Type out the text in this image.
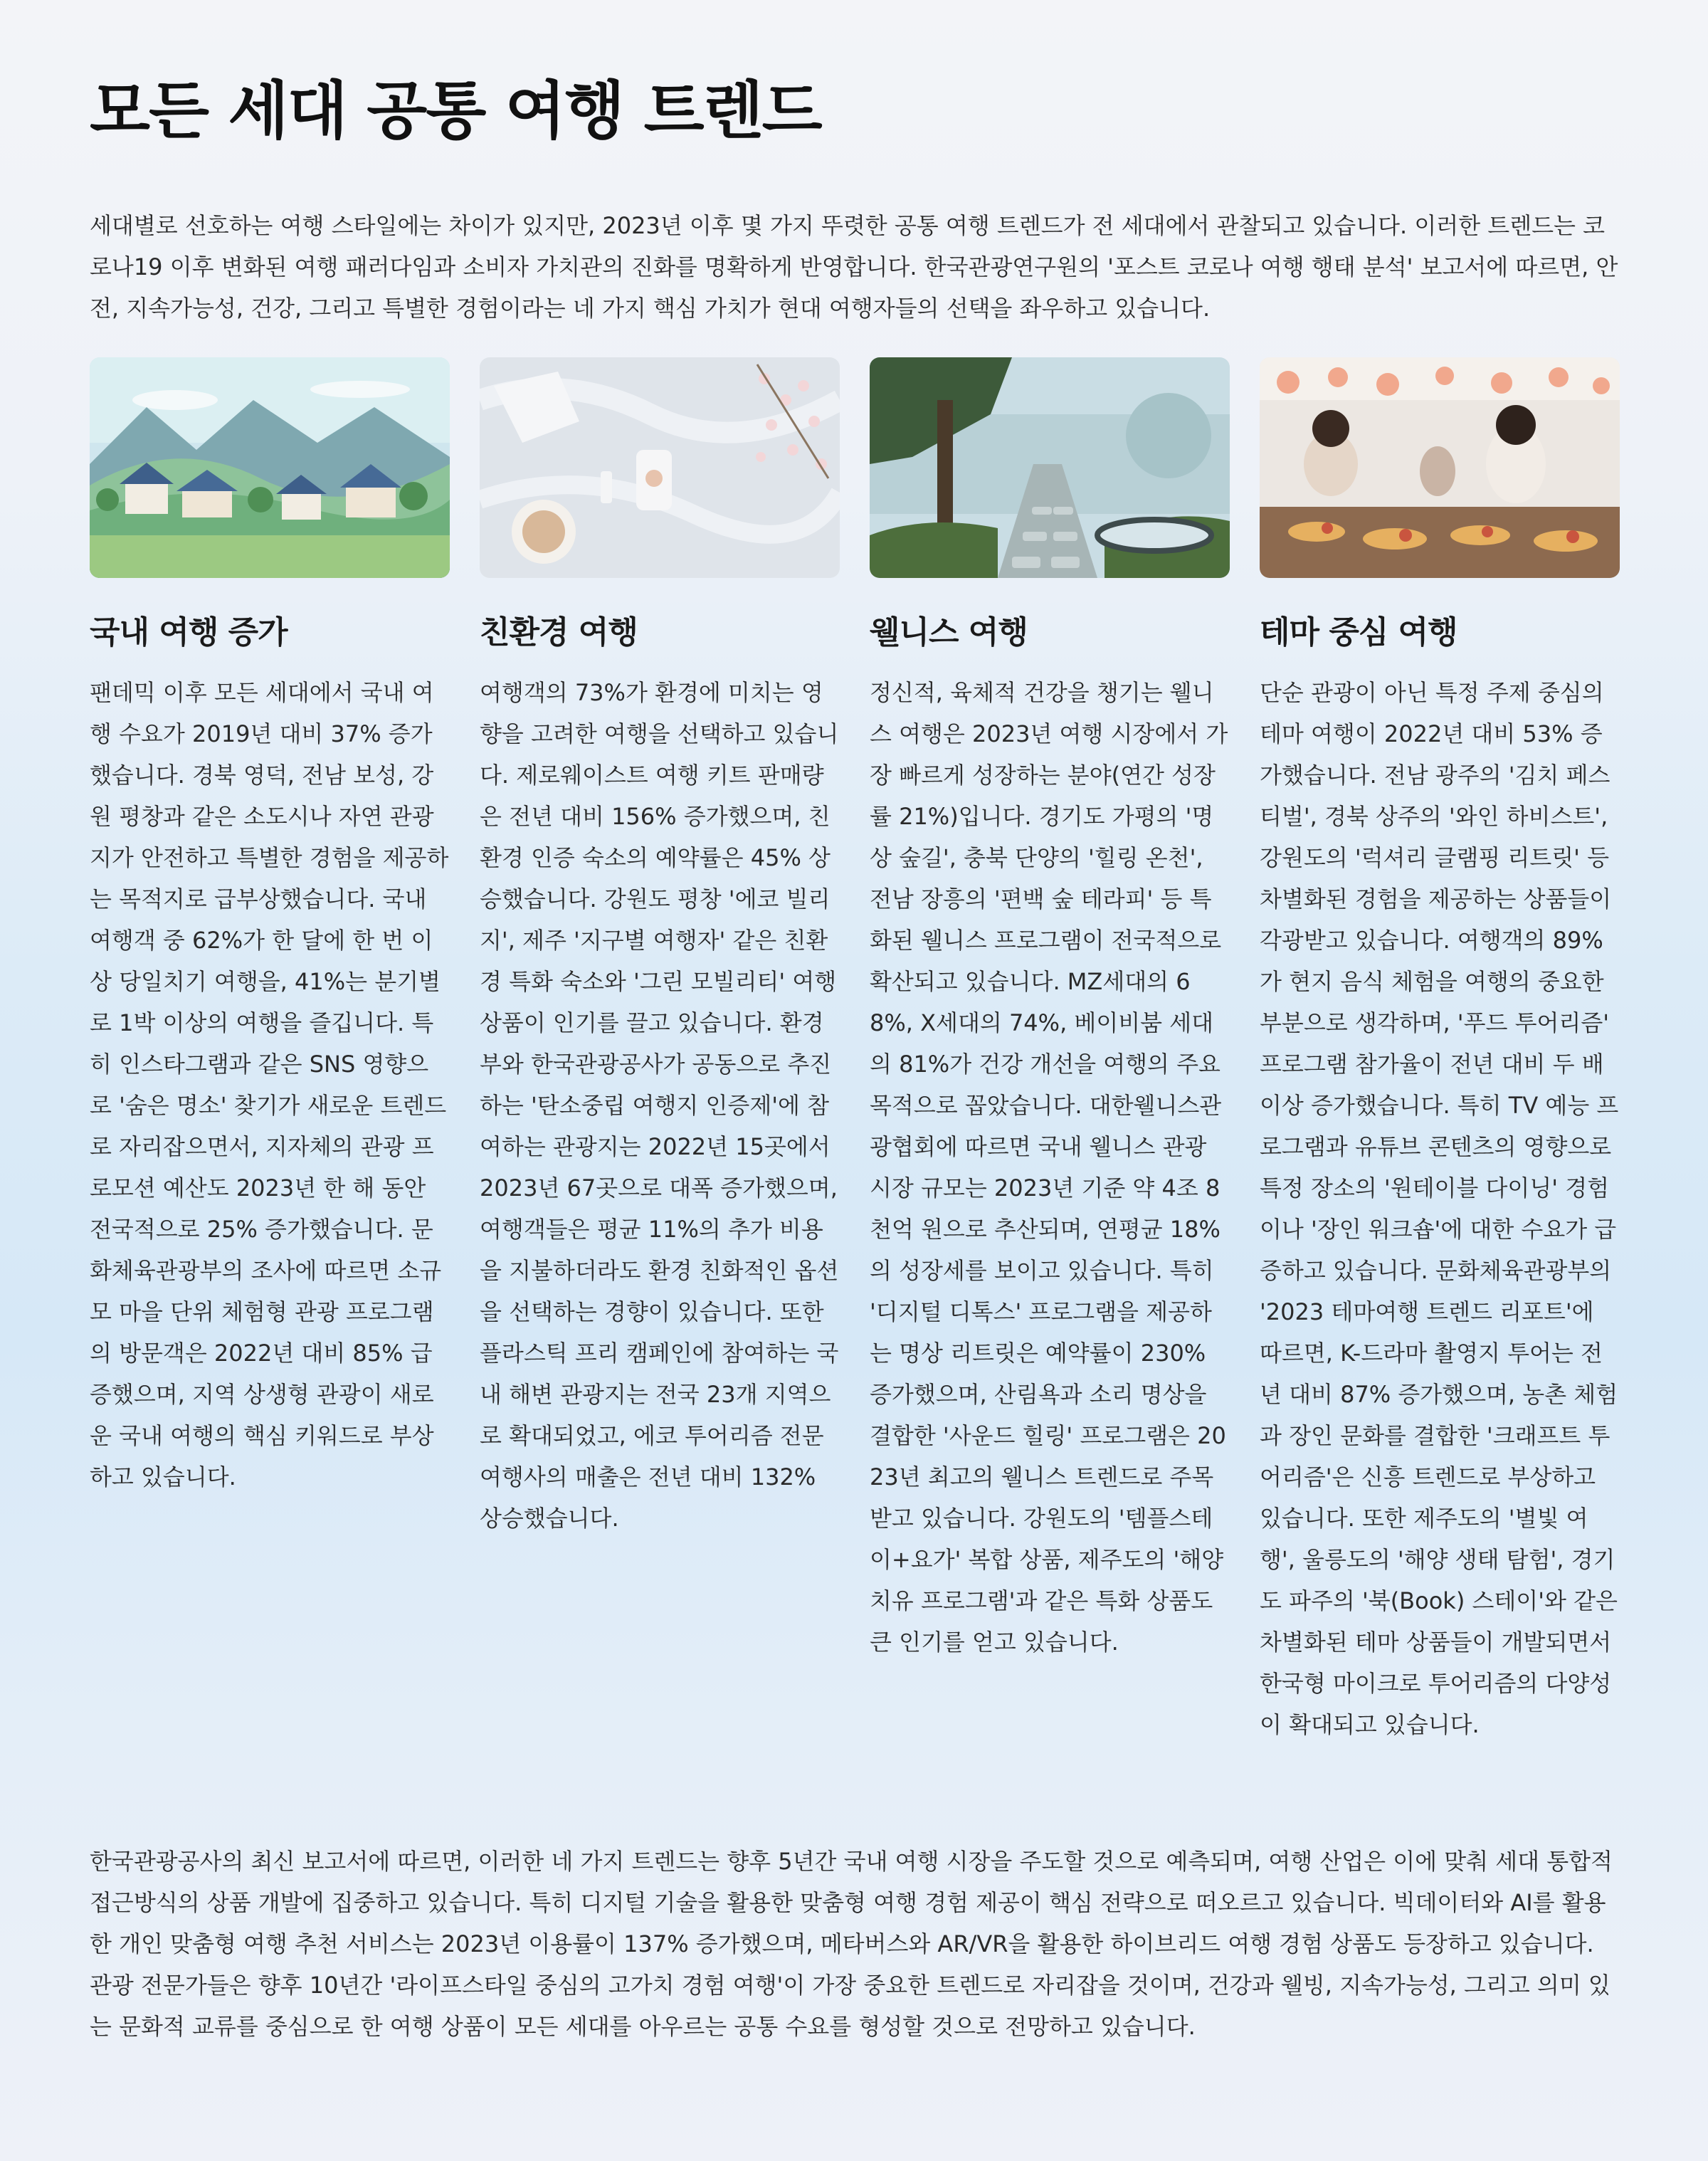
모든 세대 공통 여행 트렌드

세대별로 선호하는 여행 스타일에는 차이가 있지만, 2023년 이후 몇 가지 뚜렷한 공통 여행 트렌드가 전 세대에서 관찰되고 있습니다. 이러한 트렌드는 코로나19 이후 변화된 여행 패러다임과 소비자 가치관의 진화를 명확하게 반영합니다. 한국관광연구원의 '포스트 코로나 여행 행태 분석' 보고서에 따르면, 안전, 지속가능성, 건강, 그리고 특별한 경험이라는 네 가지 핵심 가치가 현대 여행자들의 선택을 좌우하고 있습니다.

국내 여행 증가

팬데믹 이후 모든 세대에서 국내 여행 수요가 2019년 대비 37% 증가했습니다. 경북 영덕, 전남 보성, 강원 평창과 같은 소도시나 자연 관광지가 안전하고 특별한 경험을 제공하는 목적지로 급부상했습니다. 국내 여행객 중 62%가 한 달에 한 번 이상 당일치기 여행을, 41%는 분기별로 1박 이상의 여행을 즐깁니다. 특히 인스타그램과 같은 SNS 영향으로 '숨은 명소' 찾기가 새로운 트렌드로 자리잡으면서, 지자체의 관광 프로모션 예산도 2023년 한 해 동안 전국적으로 25% 증가했습니다. 문화체육관광부의 조사에 따르면 소규모 마을 단위 체험형 관광 프로그램의 방문객은 2022년 대비 85% 급증했으며, 지역 상생형 관광이 새로운 국내 여행의 핵심 키워드로 부상하고 있습니다.

친환경 여행

여행객의 73%가 환경에 미치는 영향을 고려한 여행을 선택하고 있습니다. 제로웨이스트 여행 키트 판매량은 전년 대비 156% 증가했으며, 친환경 인증 숙소의 예약률은 45% 상승했습니다. 강원도 평창 '에코 빌리지', 제주 '지구별 여행자' 같은 친환경 특화 숙소와 '그린 모빌리티' 여행 상품이 인기를 끌고 있습니다. 환경부와 한국관광공사가 공동으로 추진하는 '탄소중립 여행지 인증제'에 참여하는 관광지는 2022년 15곳에서 2023년 67곳으로 대폭 증가했으며, 여행객들은 평균 11%의 추가 비용을 지불하더라도 환경 친화적인 옵션을 선택하는 경향이 있습니다. 또한 플라스틱 프리 캠페인에 참여하는 국내 해변 관광지는 전국 23개 지역으로 확대되었고, 에코 투어리즘 전문 여행사의 매출은 전년 대비 132% 상승했습니다.

웰니스 여행

정신적, 육체적 건강을 챙기는 웰니스 여행은 2023년 여행 시장에서 가장 빠르게 성장하는 분야(연간 성장률 21%)입니다. 경기도 가평의 '명상 숲길', 충북 단양의 '힐링 온천', 전남 장흥의 '편백 숲 테라피' 등 특화된 웰니스 프로그램이 전국적으로 확산되고 있습니다. MZ세대의 68%, X세대의 74%, 베이비붐 세대의 81%가 건강 개선을 여행의 주요 목적으로 꼽았습니다. 대한웰니스관광협회에 따르면 국내 웰니스 관광 시장 규모는 2023년 기준 약 4조 8천억 원으로 추산되며, 연평균 18%의 성장세를 보이고 있습니다. 특히 '디지털 디톡스' 프로그램을 제공하는 명상 리트릿은 예약률이 230% 증가했으며, 산림욕과 소리 명상을 결합한 '사운드 힐링' 프로그램은 2023년 최고의 웰니스 트렌드로 주목받고 있습니다. 강원도의 '템플스테이+요가' 복합 상품, 제주도의 '해양 치유 프로그램'과 같은 특화 상품도 큰 인기를 얻고 있습니다.

테마 중심 여행

단순 관광이 아닌 특정 주제 중심의 테마 여행이 2022년 대비 53% 증가했습니다. 전남 광주의 '김치 페스티벌', 경북 상주의 '와인 하비스트', 강원도의 '럭셔리 글램핑 리트릿' 등 차별화된 경험을 제공하는 상품들이 각광받고 있습니다. 여행객의 89%가 현지 음식 체험을 여행의 중요한 부분으로 생각하며, '푸드 투어리즘' 프로그램 참가율이 전년 대비 두 배 이상 증가했습니다. 특히 TV 예능 프로그램과 유튜브 콘텐츠의 영향으로 특정 장소의 '원테이블 다이닝' 경험이나 '장인 워크숍'에 대한 수요가 급증하고 있습니다. 문화체육관광부의 '2023 테마여행 트렌드 리포트'에 따르면, K-드라마 촬영지 투어는 전년 대비 87% 증가했으며, 농촌 체험과 장인 문화를 결합한 '크래프트 투어리즘'은 신흥 트렌드로 부상하고 있습니다. 또한 제주도의 '별빛 여행', 울릉도의 '해양 생태 탐험', 경기도 파주의 '북(Book) 스테이'와 같은 차별화된 테마 상품들이 개발되면서 한국형 마이크로 투어리즘의 다양성이 확대되고 있습니다.

한국관광공사의 최신 보고서에 따르면, 이러한 네 가지 트렌드는 향후 5년간 국내 여행 시장을 주도할 것으로 예측되며, 여행 산업은 이에 맞춰 세대 통합적 접근방식의 상품 개발에 집중하고 있습니다. 특히 디지털 기술을 활용한 맞춤형 여행 경험 제공이 핵심 전략으로 떠오르고 있습니다. 빅데이터와 AI를 활용한 개인 맞춤형 여행 추천 서비스는 2023년 이용률이 137% 증가했으며, 메타버스와 AR/VR을 활용한 하이브리드 여행 경험 상품도 등장하고 있습니다. 관광 전문가들은 향후 10년간 '라이프스타일 중심의 고가치 경험 여행'이 가장 중요한 트렌드로 자리잡을 것이며, 건강과 웰빙, 지속가능성, 그리고 의미 있는 문화적 교류를 중심으로 한 여행 상품이 모든 세대를 아우르는 공통 수요를 형성할 것으로 전망하고 있습니다.
